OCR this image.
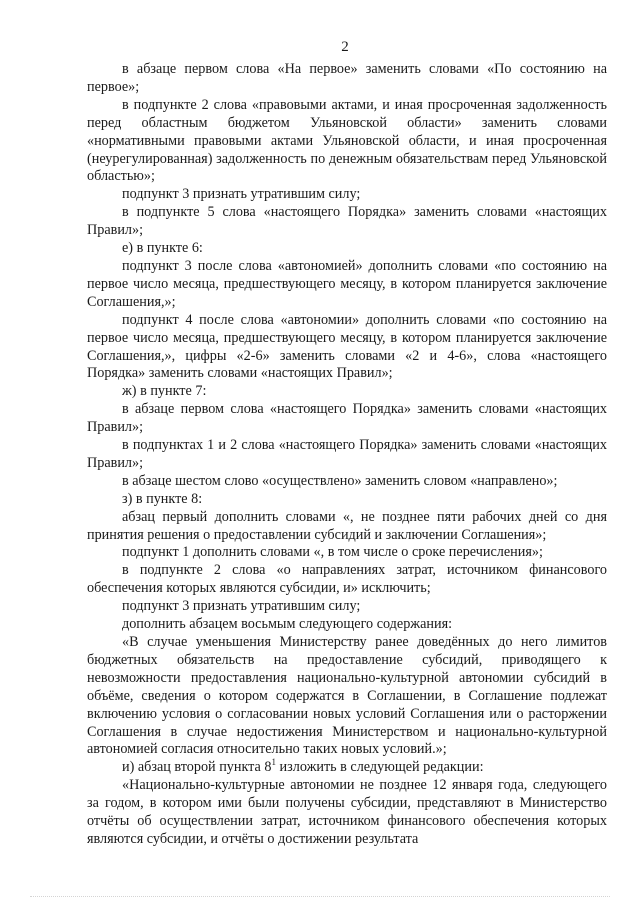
2

в абзаце первом слова «На первое» заменить словами «По состоянию на первое»;

в подпункте 2 слова «правовыми актами, и иная просроченная задолженность перед областным бюджетом Ульяновской области» заменить словами «нормативными правовыми актами Ульяновской области, и иная просроченная (неурегулированная) задолженность по денежным обязательствам перед Ульяновской областью»;

подпункт 3 признать утратившим силу;

в подпункте 5 слова «настоящего Порядка» заменить словами «настоящих Правил»;

е) в пункте 6:

подпункт 3 после слова «автономией» дополнить словами «по состоянию на первое число месяца, предшествующего месяцу, в котором планируется заключение Соглашения,»;

подпункт 4 после слова «автономии» дополнить словами «по состоянию на первое число месяца, предшествующего месяцу, в котором планируется заключение Соглашения,», цифры «2-6» заменить словами «2 и 4-6», слова «настоящего Порядка» заменить словами «настоящих Правил»;

ж) в пункте 7:

в абзаце первом слова «настоящего Порядка» заменить словами «настоящих Правил»;

в подпунктах 1 и 2 слова «настоящего Порядка» заменить словами «настоящих Правил»;

в абзаце шестом слово «осуществлено» заменить словом «направлено»;

з) в пункте 8:

абзац первый дополнить словами «, не позднее пяти рабочих дней со дня принятия решения о предоставлении субсидий и заключении Соглашения»;

подпункт 1 дополнить словами «, в том числе о сроке перечисления»;

в подпункте 2 слова «о направлениях затрат, источником финансового обеспечения которых являются субсидии, и» исключить;

подпункт 3 признать утратившим силу;

дополнить абзацем восьмым следующего содержания:

«В случае уменьшения Министерству ранее доведённых до него лимитов бюджетных обязательств на предоставление субсидий, приводящего к невозможности предоставления национально-культурной автономии субсидий в объёме, сведения о котором содержатся в Соглашении, в Соглашение подлежат включению условия о согласовании новых условий Соглашения или о расторжении Соглашения в случае недостижения Министерством и национально-культурной автономией согласия относительно таких новых условий.»;

и) абзац второй пункта $8^1$ изложить в следующей редакции:

«Национально-культурные автономии не позднее 12 января года, следующего за годом, в котором ими были получены субсидии, представляют в Министерство отчёты об осуществлении затрат, источником финансового обеспечения которых являются субсидии, и отчёты о достижении результата
